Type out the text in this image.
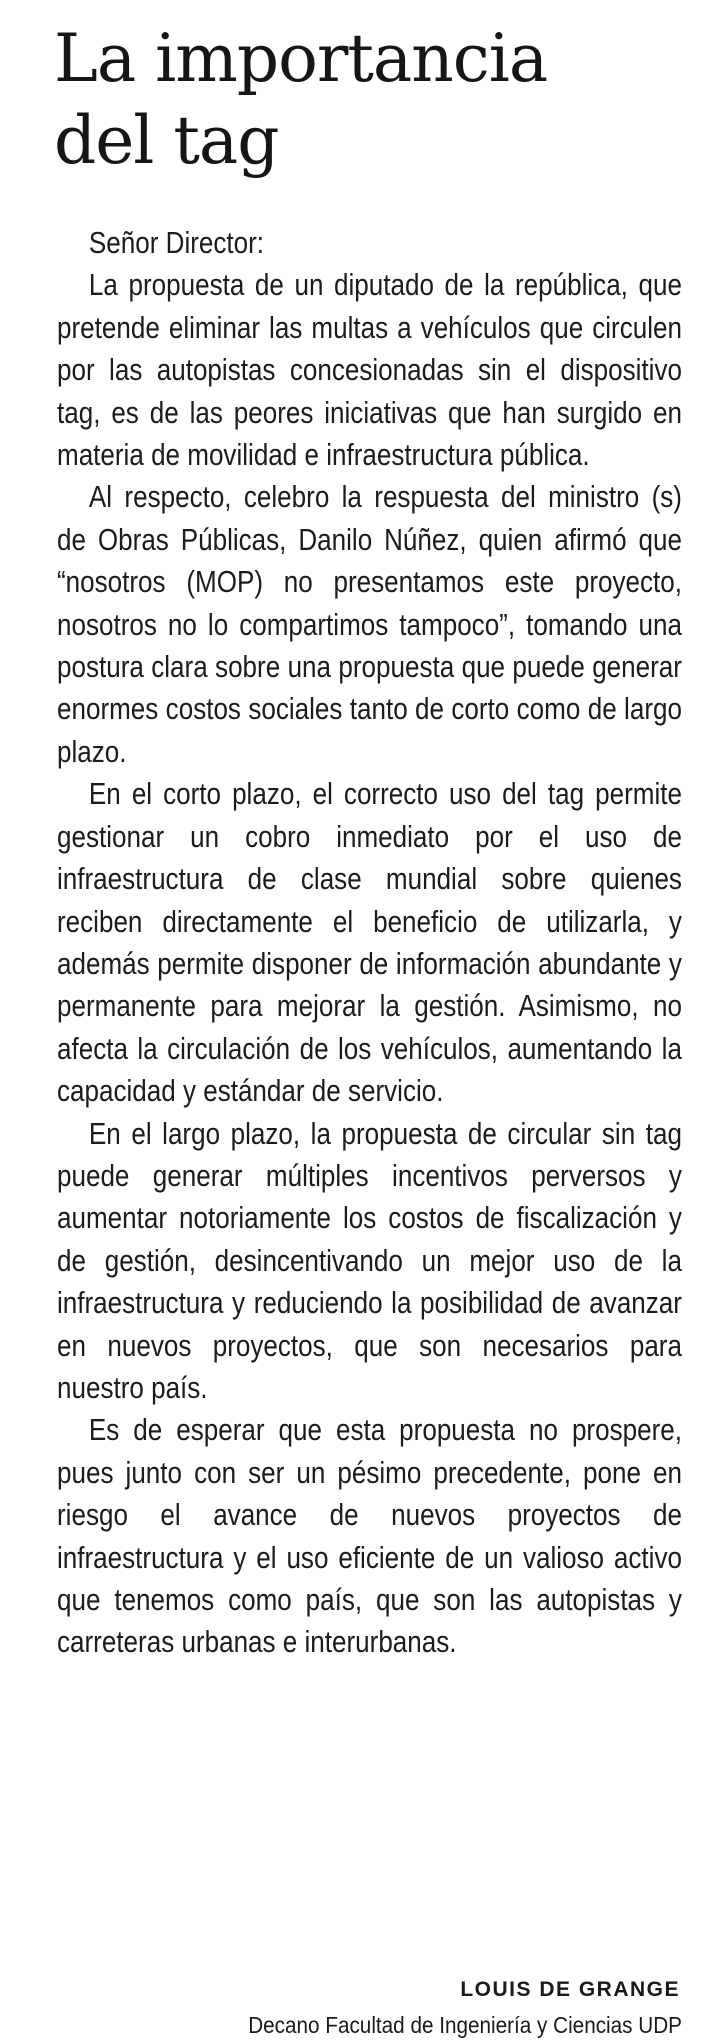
La importancia
del tag
Señor Director:

La propuesta de un diputado de la república, que pretende eliminar las multas a vehículos que circulen por las autopistas concesionadas sin el dispositivo tag, es de las peores iniciativas que han surgido en materia de movilidad e infraestructura pública.

Al respecto, celebro la respuesta del ministro (s) de Obras Públicas, Danilo Núñez, quien afirmó que “nosotros (MOP) no presentamos este proyecto, nosotros no lo compartimos tampoco”, tomando una postura clara sobre una propuesta que puede generar enormes costos sociales tanto de corto como de largo plazo.

En el corto plazo, el correcto uso del tag permite gestionar un cobro inmediato por el uso de infraestructura de clase mundial sobre quienes reciben directamente el beneficio de utilizarla, y además permite disponer de información abundante y permanente para mejorar la gestión. Asimismo, no afecta la circulación de los vehículos, aumentando la capacidad y estándar de servicio.

En el largo plazo, la propuesta de circular sin tag puede generar múltiples incentivos perversos y aumentar notoriamente los costos de fiscalización y de gestión, desincentivando un mejor uso de la infraestructura y reduciendo la posibilidad de avanzar en nuevos proyectos, que son necesarios para nuestro país.

Es de esperar que esta propuesta no prospere, pues junto con ser un pésimo precedente, pone en riesgo el avance de nuevos proyectos de infraestructura y el uso eficiente de un valioso activo que tenemos como país, que son las autopistas y carreteras urbanas e interurbanas.

LOUIS DE GRANGE
Decano Facultad de Ingeniería y Ciencias UDP
